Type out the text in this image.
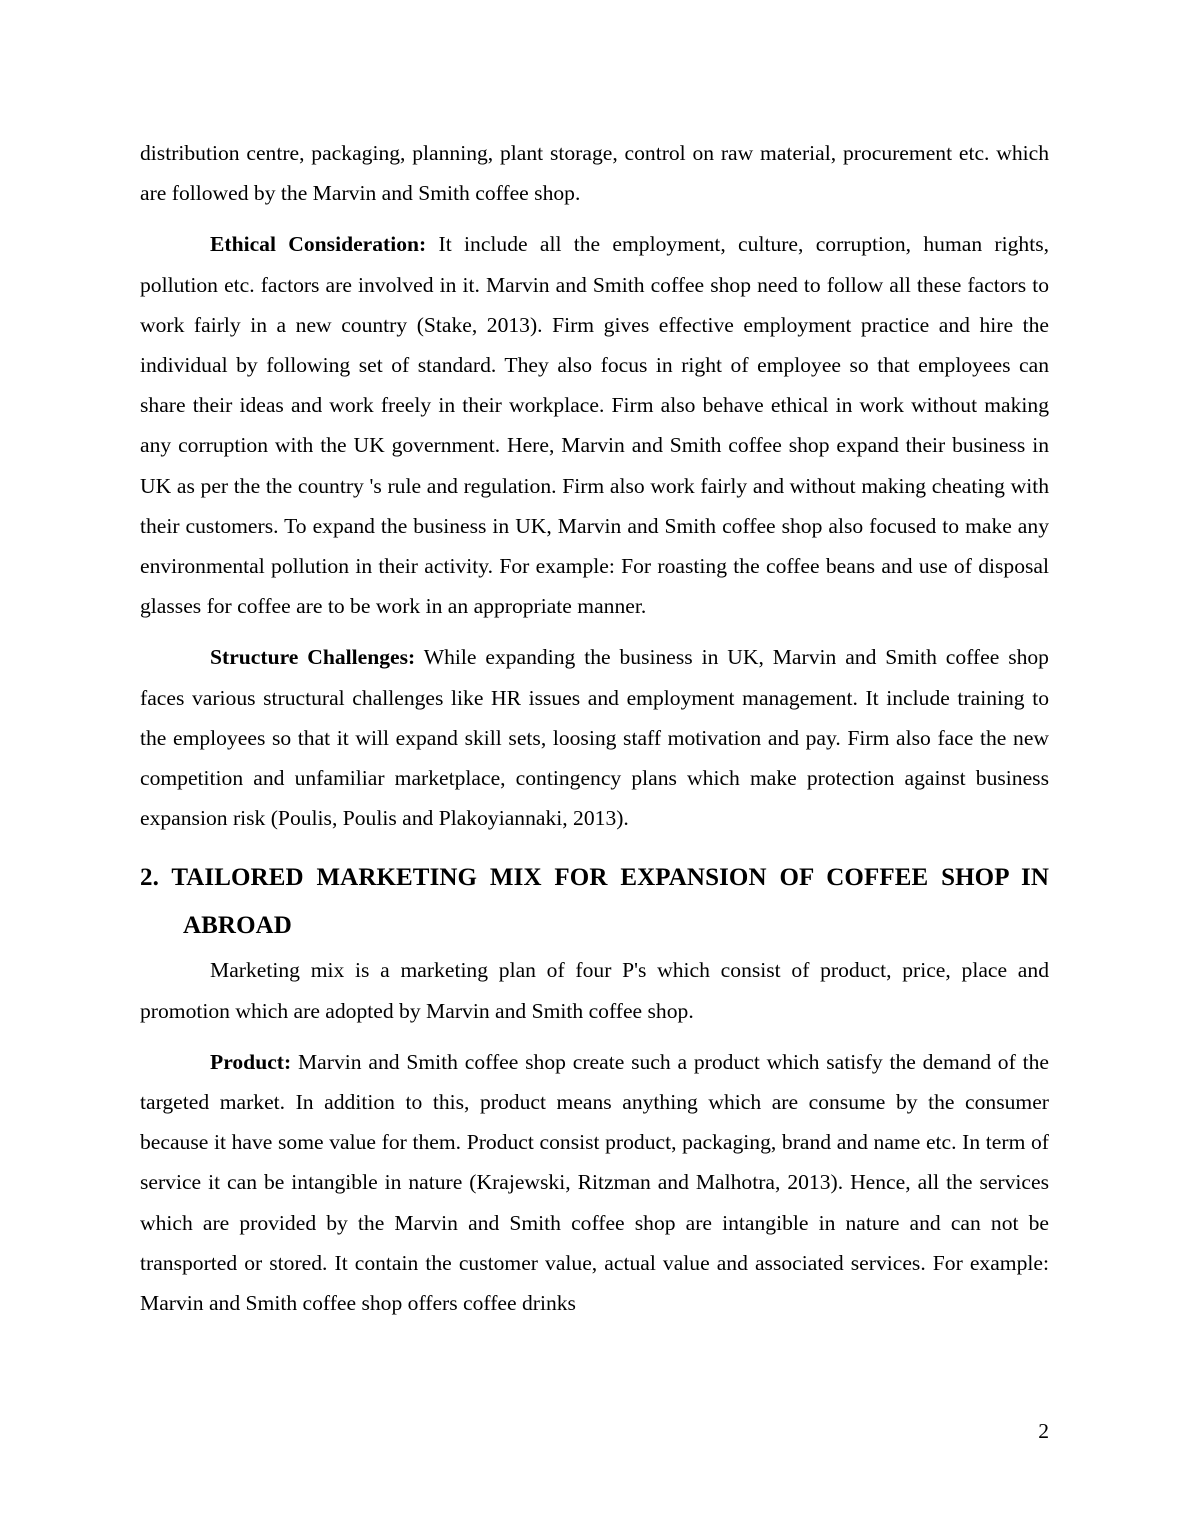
distribution centre, packaging, planning, plant storage, control on raw material, procurement etc. which are followed by the Marvin and Smith coffee shop.

Ethical Consideration: It include all the employment, culture, corruption, human rights, pollution etc. factors are involved in it. Marvin and Smith coffee shop need to follow all these factors to work fairly in a new country (Stake, 2013). Firm gives effective employment practice and hire the individual by following set of standard. They also focus in right of employee so that employees can share their ideas and work freely in their workplace. Firm also behave ethical in work without making any corruption with the UK government. Here, Marvin and Smith coffee shop expand their business in UK as per the the country 's rule and regulation. Firm also work fairly and without making cheating with their customers. To expand the business in UK, Marvin and Smith coffee shop also focused to make any environmental pollution in their activity. For example: For roasting the coffee beans and use of disposal glasses for coffee are to be work in an appropriate manner.

Structure Challenges: While expanding the business in UK, Marvin and Smith coffee shop faces various structural challenges like HR issues and employment management. It include training to the employees so that it will expand skill sets, loosing staff motivation and pay. Firm also face the new competition and unfamiliar marketplace, contingency plans which make protection against business expansion risk (Poulis, Poulis and Plakoyiannaki, 2013).

2. TAILORED MARKETING MIX FOR EXPANSION OF COFFEE SHOP IN ABROAD

Marketing mix is a marketing plan of four P's which consist of product, price, place and promotion which are adopted by Marvin and Smith coffee shop.

Product: Marvin and Smith coffee shop create such a product which satisfy the demand of the targeted market. In addition to this, product means anything which are consume by the consumer because it have some value for them. Product consist product, packaging, brand and name etc. In term of service it can be intangible in nature (Krajewski, Ritzman and Malhotra, 2013). Hence, all the services which are provided by the Marvin and Smith coffee shop are intangible in nature and can not be transported or stored. It contain the customer value, actual value and associated services. For example: Marvin and Smith coffee shop offers coffee drinks

2
